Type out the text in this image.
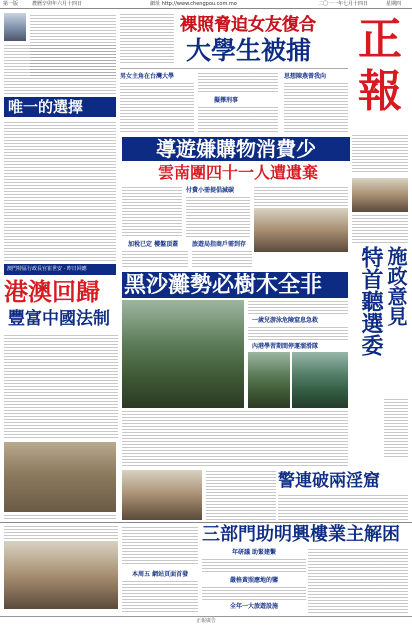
第一版	農曆辛卯年六月十四日	網址 http://www.chengpou.com.mo	二〇一一年七月十四日	星期四
唯一的選擇
澳門特區行政長官崔世安 · 昨日回應
裸照脅迫女友復合
大學生被捕	正
報
男女主角在台灣大學
擬擇刑事
思想陳燕曾我向
導遊嫌購物消費少
雲南團四十一人遭遺棄
付費小冊提倡減碳
加稅已定 樓盤頂蓋	旅遊局指商戶需到存
特首聽選委 施政意見
港澳回歸
豐富中國法制
黑沙灘勢必樹木全非
一歲兒游泳危險窒息急救
內港學習期間停運溜滑隊
警連破兩淫窟
三部門助明興樓業主解困
年研議 助緊建繫
本周五 網站頁面首發
嚴格黃照應地的鑒
全年一大旅遊設施
正報廣告
